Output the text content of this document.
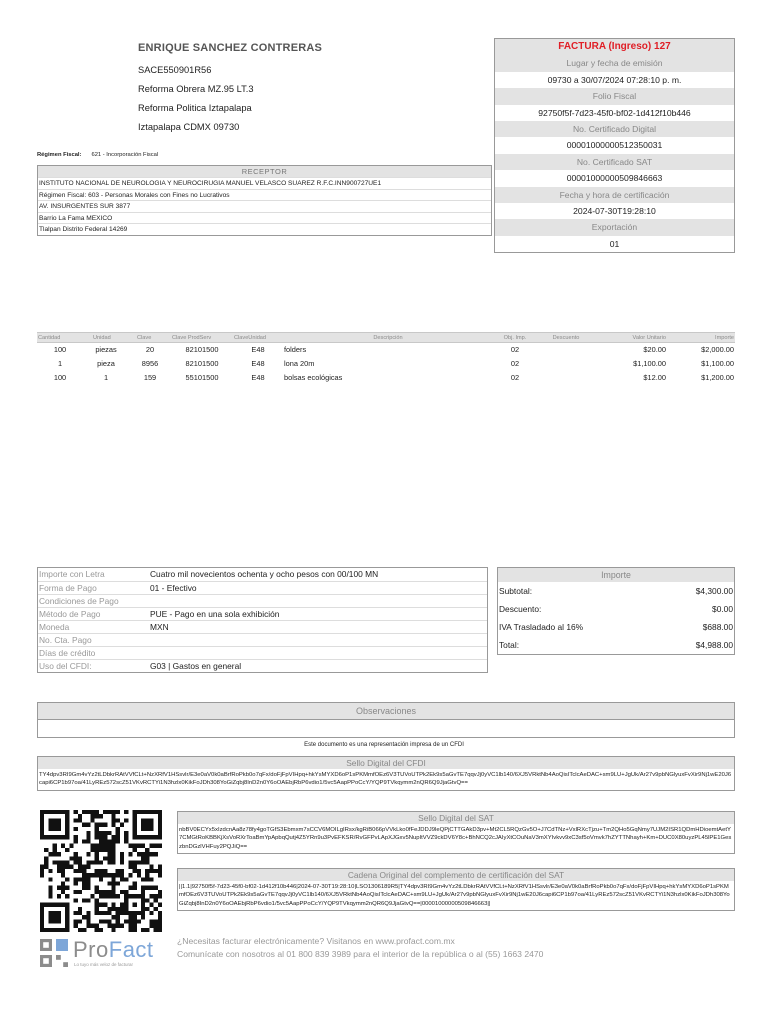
ENRIQUE SANCHEZ CONTRERAS
SACE550901R56
Reforma Obrera MZ.95 LT.3
Reforma Politica Iztapalapa
Iztapalapa CDMX 09730
Régimen Fiscal: 621 - Incorporación Fiscal
FACTURA (Ingreso) 127
Lugar y fecha de emisión
09730 a 30/07/2024 07:28:10 p. m.
Folio Fiscal
92750f5f-7d23-45f0-bf02-1d412f10b446
No. Certificado Digital
00001000000512350031
No. Certificado SAT
00001000000509846663
Fecha y hora de certificación
2024-07-30T19:28:10
Exportación
01
RECEPTOR
INSTITUTO NACIONAL DE NEUROLOGIA Y NEUROCIRUGIA MANUEL VELASCO SUAREZ R.F.C.INN900727UE1
Régimen Fiscal: 603 - Personas Morales con Fines no Lucrativos
AV. INSURGENTES SUR 3877
Barrio La Fama MEXICO
Tlalpan Distrito Federal 14269
Cantidad	Unidad	Clave	Clave ProdServ	ClaveUnidad	Descripción	Obj. Imp.	Descuento	Valor Unitario	Importe
100	piezas	20	82101500	E48	folders	02		$20.00	$2,000.00
1	pieza	8956	82101500	E48	lona 20m	02		$1,100.00	$1,100.00
100	1	159	55101500	E48	bolsas ecológicas	02		$12.00	$1,200.00
Importe con Letra	Cuatro mil novecientos ochenta y ocho pesos con 00/100 MN
Forma de Pago	01 - Efectivo
Condiciones de Pago
Método de Pago	PUE - Pago en una sola exhibición
Moneda	MXN
No. Cta. Pago
Días de crédito
Uso del CFDI:	G03 | Gastos en general
Importe
Subtotal:	$4,300.00
Descuento:	$0.00
IVA Trasladado al 16%	$688.00
Total:	$4,988.00
Observaciones
Este documento es una representación impresa de un CFDI
Sello Digital del CFDI
TY4dpv3RI9Gm4vYz2tLDbkrRAtVVfCLt+NzXRfV1HSsvlr/E3e0aV0k0aBrfRoPkb0o7qFx/doFjFpVIHpq+hkYsMYXD6oP1sPKMmfOEz6V3TUVoUTPk2Ek9s5aGvTE7qqvJj0yVC1lb140/6XJ5VRktNb4AoQisITclcAeDAC+sm9LU+JgUk/Ar27v9pbNGlyuxFvXir9Nj1wE20J6capi6CP1b97oa/41LyREz572scZ51VKvRCTYi1N3hzlx0KikFoJDh308YoGiZqbj8InD2n0Y6oOAEbjRbP6vdio1/5vc5AapPPoCcY/YQP9TVkqymm2nQR6Q9JjaGtvQ==
Sello Digital del SAT
nbBV0ECYx5xIzdcnAa8z78fy4goTGfS3Ebmxm7sCCV6MOILgIRsx/kgRiB066pVVkLko0fFeJDDJ9leQPjCTTGAkD3pv+Mt2CL5RQzGv5O+J7CdTNz+VxlRXcTjzu+Tm2QHo5GqNmy7UJM2ISR1QDmHDioemtAetY7CMGtRoKBBKjXsVoRXrToaBmYpApbqQutj4Z5YRn9u3PvEFKSR/RvGFPvLApXJGxv5NupItVVZ9ckDV6Y8c+BhNCQ2cJAIyXtCOuNaV3mXYIvkvv9xC3sf5oVmvk7hZYTTNhayh+Km+DUC0X80uyzPL45lPE1GeszbnDGzlVHFuy2PQJiQ==
Cadena Original del complemento de certificación del SAT
||1.1|92750f5f-7d23-45f0-bf02-1d412f10b446|2024-07-30T19:28:10|LSO1306189R5|TY4dpv3RI9Gm4vYz2tLDbkrRAtVVfCLt+NzXRfV1HSsvlr/E3e0aV0k0aBrfRoPkb0o7qFx/doFjFpVIHpq+hkYsMYXD6oP1sPKMmfOEz6V3TUVoUTPk2Ek9s5aGvTE7qqvJj0yVC1lb140/6XJ5VRktNb4AoQisITclcAeDAC+sm9LU+JgUk/Ar27v9pbNGlyuxFvXir9Nj1wE20J6capi6CP1b97oa/41LyREz572scZ51VKvRCTYi1N3hzlx0KikFoJDh308YoGiZqbj8InD2n0Y6oOAEbjRbP6vdio1/5vc5AapPPoCcY/YQP9TVkqymm2nQR6Q9JjaGtvQ==|00001000000509846663||
ProFact
Lo tuyo más veloz de facturar
¿Necesitas facturar electrónicamente? Visitanos en www.profact.com.mx
Comunícate con nosotros al 01 800 839 3989 para el interior de la república o al (55) 1663 2470
